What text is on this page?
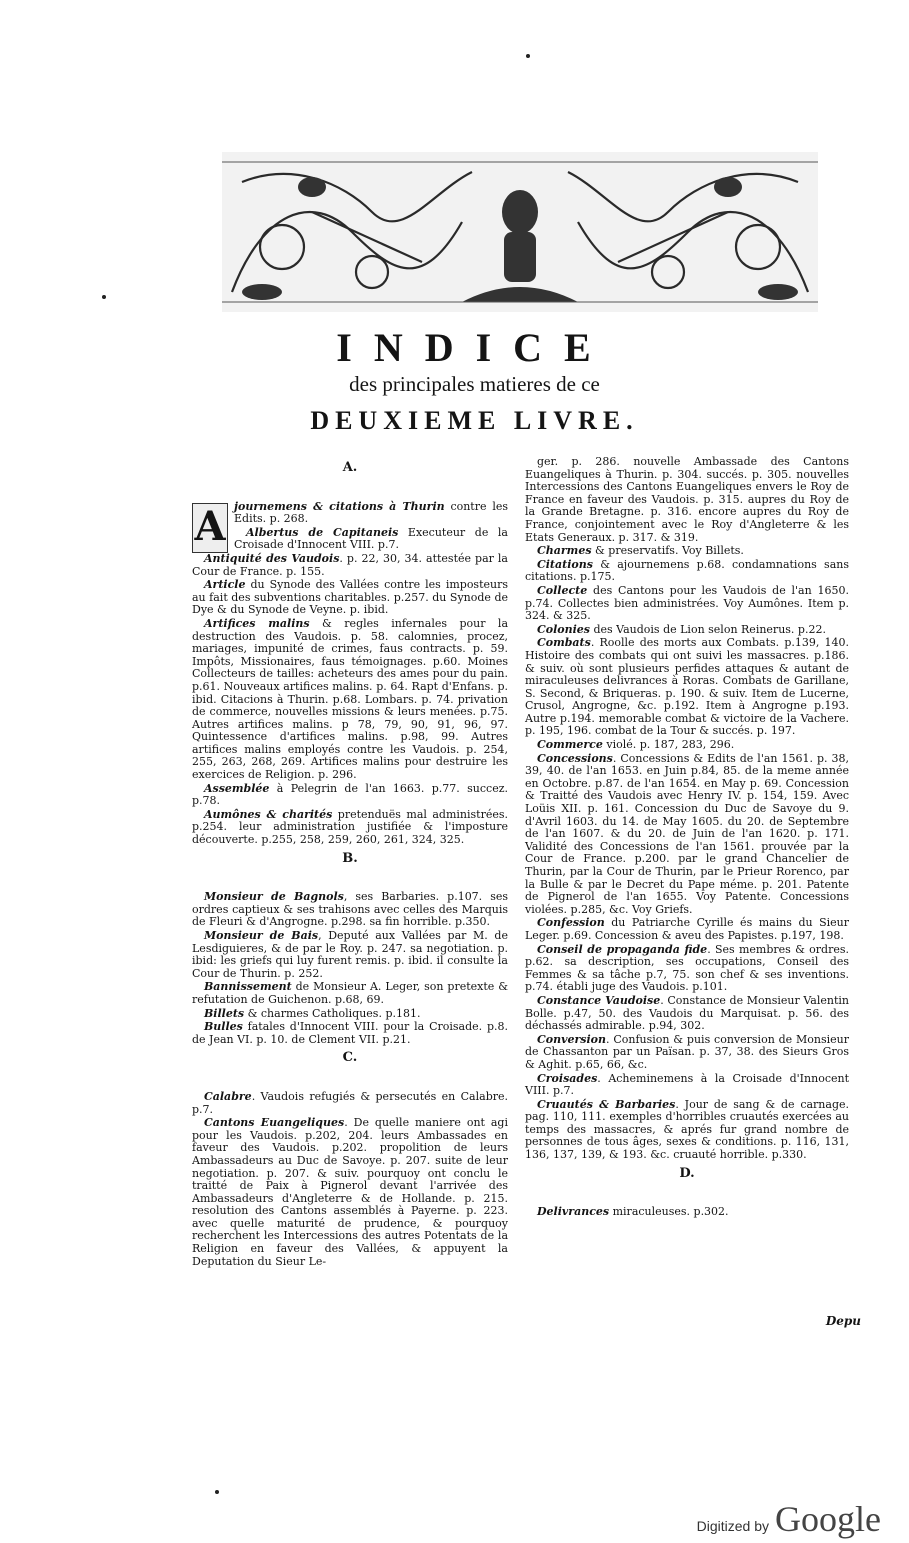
INDICE
des principales matieres de ce
DEUXIEME LIVRE.
A.

A journemens & citations à Thurin contre les Edits. p. 268.

Albertus de Capitaneis Executeur de la Croisade d'Innocent VIII. p.7.

Antiquité des Vaudois. p. 22, 30, 34. attestée par la Cour de France. p. 155.

Article du Synode des Vallées contre les imposteurs au fait des subventions charitables. p.257. du Synode de Dye & du Synode de Veyne. p. ibid.

Artifices malins & regles infernales pour la destruction des Vaudois. p. 58. calomnies, procez, mariages, impunité de crimes, faus contracts. p. 59. Impôts, Missionaires, faus témoignages. p.60. Moines Collecteurs de tailles: acheteurs des ames pour du pain. p.61. Nouveaux artifices malins. p. 64. Rapt d'Enfans. p. ibid. Citacions à Thurin. p.68. Lombars. p. 74. privation de commerce, nouvelles missions & leurs menées. p.75. Autres artifices malins. p 78, 79, 90, 91, 96, 97. Quintessence d'artifices malins. p.98, 99. Autres artifices malins employés contre les Vaudois. p. 254, 255, 263, 268, 269. Artifices malins pour destruire les exercices de Religion. p. 296.

Assemblée à Pelegrin de l'an 1663. p.77. succez. p.78.

Aumônes & charités pretenduës mal administrées. p.254. leur administration justifiée & l'imposture découverte. p.255, 258, 259, 260, 261, 324, 325.

B.

Monsieur de Bagnols, ses Barbaries. p.107. ses ordres captieux & ses trahisons avec celles des Marquis de Fleuri & d'Angrogne. p.298. sa fin horrible. p.350.

Monsieur de Bais, Deputé aux Vallées par M. de Lesdiguieres, & de par le Roy. p. 247. sa negotiation. p. ibid: les griefs qui luy furent remis. p. ibid. il consulte la Cour de Thurin. p. 252.

Bannissement de Monsieur A. Leger, son pretexte & refutation de Guichenon. p.68, 69.

Billets & charmes Catholiques. p.181.

Bulles fatales d'Innocent VIII. pour la Croisade. p.8. de Jean VI. p. 10. de Clement VII. p.21.

C.

Calabre. Vaudois refugiés & persecutés en Calabre. p.7.

Cantons Euangeliques. De quelle maniere ont agi pour les Vaudois. p.202, 204. leurs Ambassades en faveur des Vaudois. p.202. propolition de leurs Ambassadeurs au Duc de Savoye. p. 207. suite de leur negotiation. p. 207. & suiv. pourquoy ont conclu le traitté de Paix à Pignerol devant l'arrivée des Ambassadeurs d'Angleterre & de Hollande. p. 215. resolution des Cantons assemblés à Payerne. p. 223. avec quelle maturité de prudence, & pourquoy recherchent les Intercessions des autres Potentats de la Religion en faveur des Vallées, & appuyent la Deputation du Sieur Le-

ger. p. 286. nouvelle Ambassade des Cantons Euangeliques à Thurin. p. 304. succés. p. 305. nouvelles Intercessions des Cantons Euangeliques envers le Roy de France en faveur des Vaudois. p. 315. aupres du Roy de la Grande Bretagne. p. 316. encore aupres du Roy de France, conjointement avec le Roy d'Angleterre & les Etats Generaux. p. 317. & 319.

Charmes & preservatifs. Voy Billets.

Citations & ajournemens p.68. condamnations sans citations. p.175.

Collecte des Cantons pour les Vaudois de l'an 1650. p.74. Collectes bien administrées. Voy Aumônes. Item p. 324. & 325.

Colonies des Vaudois de Lion selon Reinerus. p.22.

Combats. Roolle des morts aux Combats. p.139, 140. Histoire des combats qui ont suivi les massacres. p.186. & suiv. où sont plusieurs perfides attaques & autant de miraculeuses delivrances à Roras. Combats de Garillane, S. Second, & Briqueras. p. 190. & suiv. Item de Lucerne, Crusol, Angrogne, &c. p.192. Item à Angrogne p.193. Autre p.194. memorable combat & victoire de la Vachere. p. 195, 196. combat de la Tour & succés. p. 197.

Commerce violé. p. 187, 283, 296.

Concessions. Concessions & Edits de l'an 1561. p. 38, 39, 40. de l'an 1653. en Juin p.84, 85. de la meme année en Octobre. p.87. de l'an 1654. en May p. 69. Concession & Traitté des Vaudois avec Henry IV. p. 154, 159. Avec Loüis XII. p. 161. Concession du Duc de Savoye du 9. d'Avril 1603. du 14. de May 1605. du 20. de Septembre de l'an 1607. & du 20. de Juin de l'an 1620. p. 171. Validité des Concessions de l'an 1561. prouvée par la Cour de France. p.200. par le grand Chancelier de Thurin, par la Cour de Thurin, par le Prieur Rorenco, par la Bulle & par le Decret du Pape méme. p. 201. Patente de Pignerol de l'an 1655. Voy Patente. Concessions violées. p.285, &c. Voy Griefs.

Confession du Patriarche Cyrille és mains du Sieur Leger. p.69. Concession & aveu des Papistes. p.197, 198.

Conseil de propaganda fide. Ses membres & ordres. p.62. sa description, ses occupations, Conseil des Femmes & sa tâche p.7, 75. son chef & ses inventions. p.74. établi juge des Vaudois. p.101.

Constance Vaudoise. Constance de Monsieur Valentin Bolle. p.47, 50. des Vaudois du Marquisat. p. 56. des déchassés admirable. p.94, 302.

Conversion. Confusion & puis conversion de Monsieur de Chassanton par un Païsan. p. 37, 38. des Sieurs Gros & Aghit. p.65, 66, &c.

Croisades. Acheminemens à la Croisade d'Innocent VIII. p.7.

Cruautés & Barbaries. Jour de sang & de carnage. pag. 110, 111. exemples d'horribles cruautés exercées au temps des massacres, & aprés fur grand nombre de personnes de tous âges, sexes & conditions. p. 116, 131, 136, 137, 139, & 193. &c. cruauté horrible. p.330.

D.

Delivrances miraculeuses. p.302.

Depu
Digitized by Google
